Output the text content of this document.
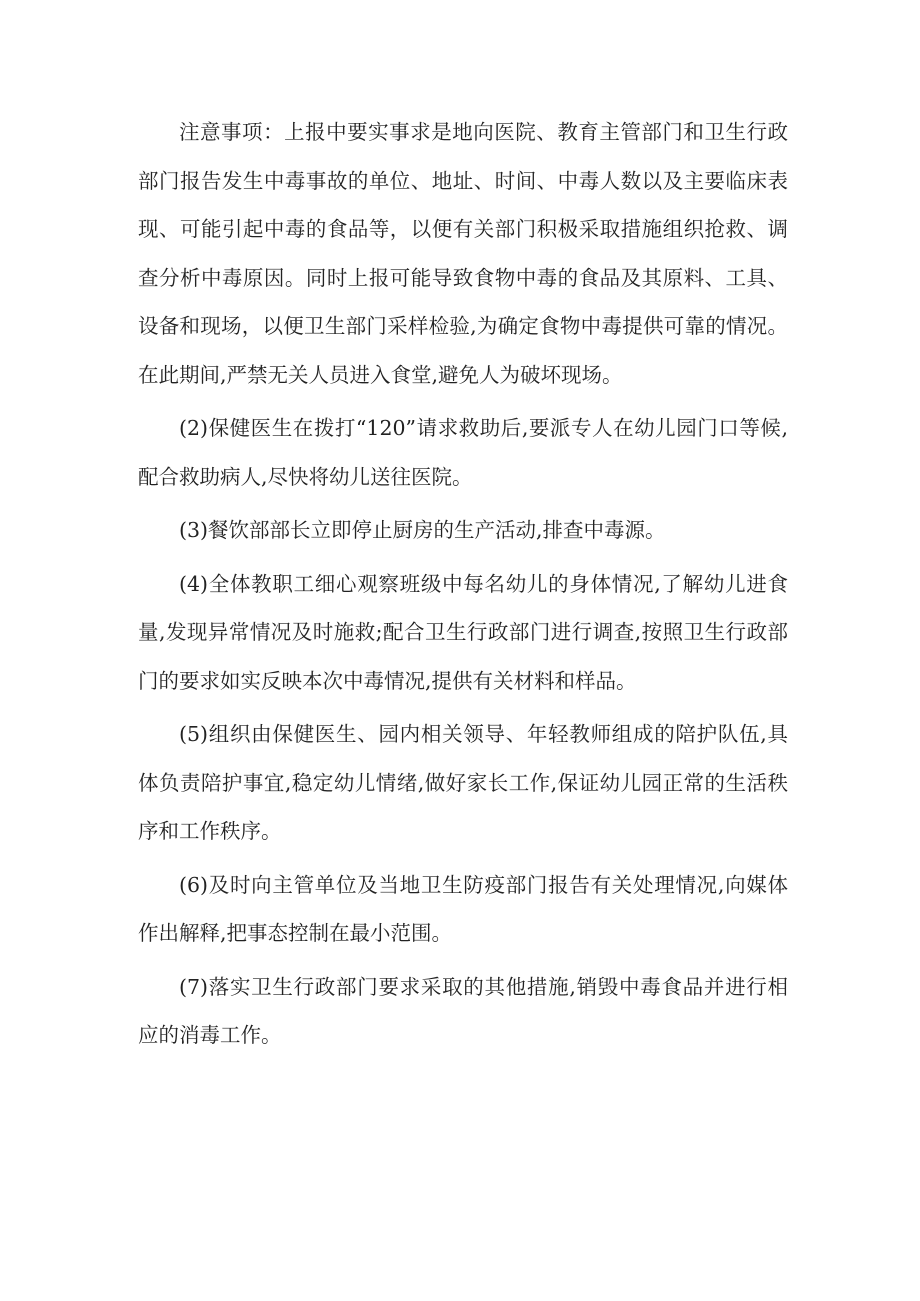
注意事项：上报中要实事求是地向医院、教育主管部门和卫生行政部门报告发生中毒事故的单位、地址、时间、中毒人数以及主要临床表现、可能引起中毒的食品等，以便有关部门积极采取措施组织抢救、调查分析中毒原因。同时上报可能导致食物中毒的食品及其原料、工具、设备和现场，以便卫生部门采样检验,为确定食物中毒提供可靠的情况。在此期间,严禁无关人员进入食堂,避免人为破坏现场。

(2)保健医生在拨打“120”请求救助后,要派专人在幼儿园门口等候,配合救助病人,尽快将幼儿送往医院。

(3)餐饮部部长立即停止厨房的生产活动,排查中毒源。

(4)全体教职工细心观察班级中每名幼儿的身体情况,了解幼儿进食量,发现异常情况及时施救;配合卫生行政部门进行调查,按照卫生行政部门的要求如实反映本次中毒情况,提供有关材料和样品。

(5)组织由保健医生、园内相关领导、年轻教师组成的陪护队伍,具体负责陪护事宜,稳定幼儿情绪,做好家长工作,保证幼儿园正常的生活秩序和工作秩序。

(6)及时向主管单位及当地卫生防疫部门报告有关处理情况,向媒体作出解释,把事态控制在最小范围。

(7)落实卫生行政部门要求采取的其他措施,销毁中毒食品并进行相应的消毒工作。
